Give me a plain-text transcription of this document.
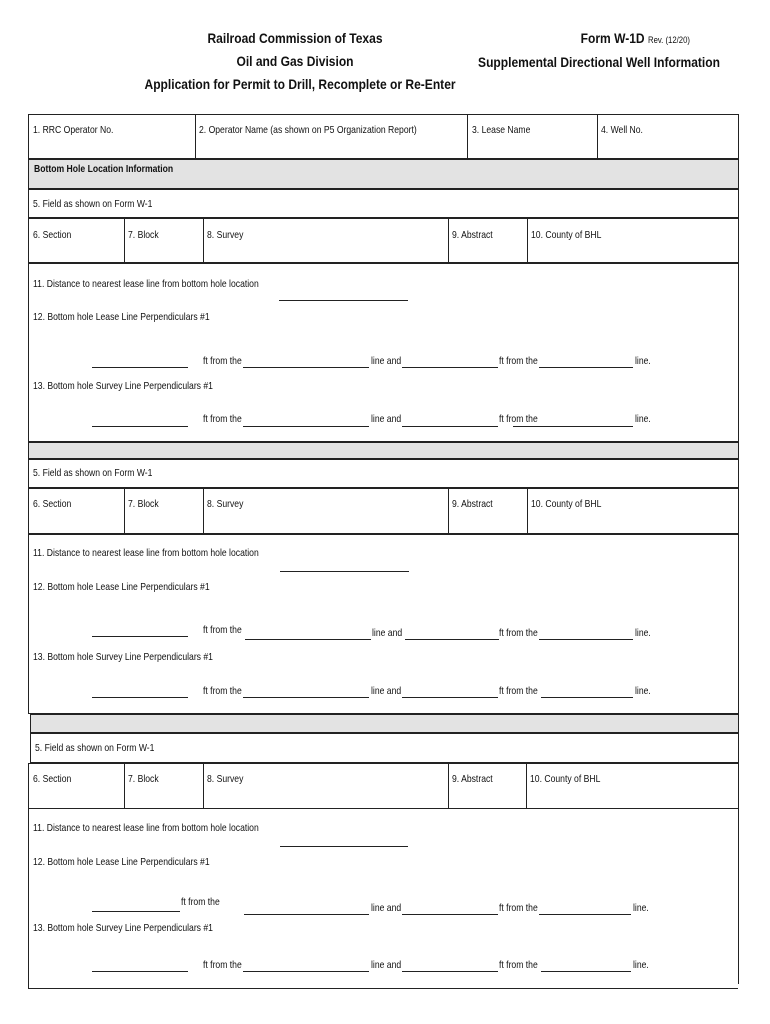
Railroad Commission of Texas
Oil and Gas Division
Application for Permit to Drill, Recomplete or Re-Enter
Form W-1D Rev. (12/20)
Supplemental Directional Well Information
1. RRC Operator No.	2. Operator Name (as shown on P5 Organization Report)	3. Lease Name	4. Well No.
Bottom Hole Location Information
5. Field as shown on Form W-1
6. Section	7. Block	8. Survey	9. Abstract	10. County of BHL
11. Distance to nearest lease line from bottom hole location
12. Bottom hole Lease Line Perpendiculars #1
ft from the	line and	ft from the	line.
13. Bottom hole Survey Line Perpendiculars #1
ft from the	line and	ft from the	line.
5. Field as shown on Form W-1
6. Section	7. Block	8. Survey	9. Abstract	10. County of BHL
11. Distance to nearest lease line from bottom hole location
12. Bottom hole Lease Line Perpendiculars #1
ft from the	line and	ft from the	line.
13. Bottom hole Survey Line Perpendiculars #1
ft from the	line and	ft from the	line.
5. Field as shown on Form W-1
6. Section	7. Block	8. Survey	9. Abstract	10. County of BHL
11. Distance to nearest lease line from bottom hole location
12. Bottom hole Lease Line Perpendiculars #1
ft from the	line and	ft from the	line.
13. Bottom hole Survey Line Perpendiculars #1
ft from the	line and	ft from the	line.
